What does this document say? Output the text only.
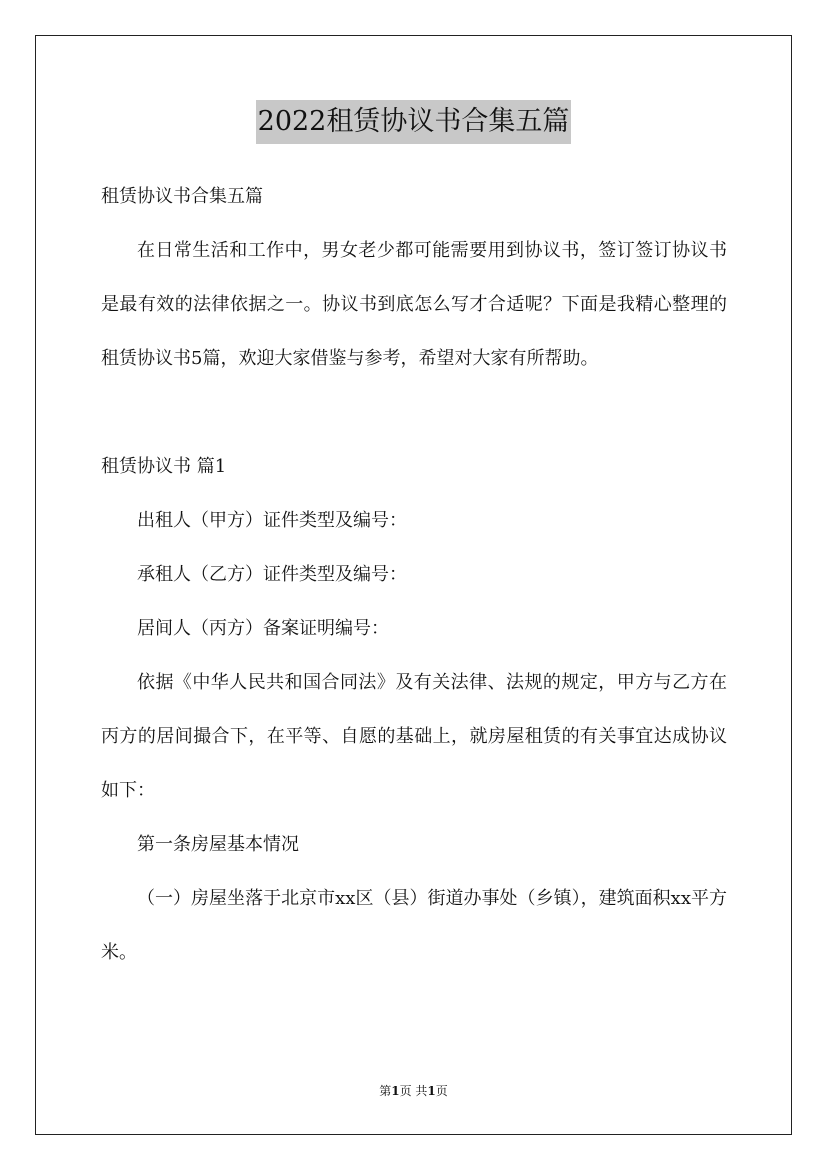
2022租赁协议书合集五篇

租赁协议书合集五篇

在日常生活和工作中，男女老少都可能需要用到协议书，签订签订协议书是最有效的法律依据之一。协议书到底怎么写才合适呢？下面是我精心整理的租赁协议书5篇，欢迎大家借鉴与参考，希望对大家有所帮助。

租赁协议书 篇1

出租人（甲方）证件类型及编号：

承租人（乙方）证件类型及编号：

居间人（丙方）备案证明编号：

依据《中华人民共和国合同法》及有关法律、法规的规定，甲方与乙方在丙方的居间撮合下，在平等、自愿的基础上，就房屋租赁的有关事宜达成协议如下：

第一条房屋基本情况

（一）房屋坐落于北京市xx区（县）街道办事处（乡镇），建筑面积xx平方米。

第1页 共1页
